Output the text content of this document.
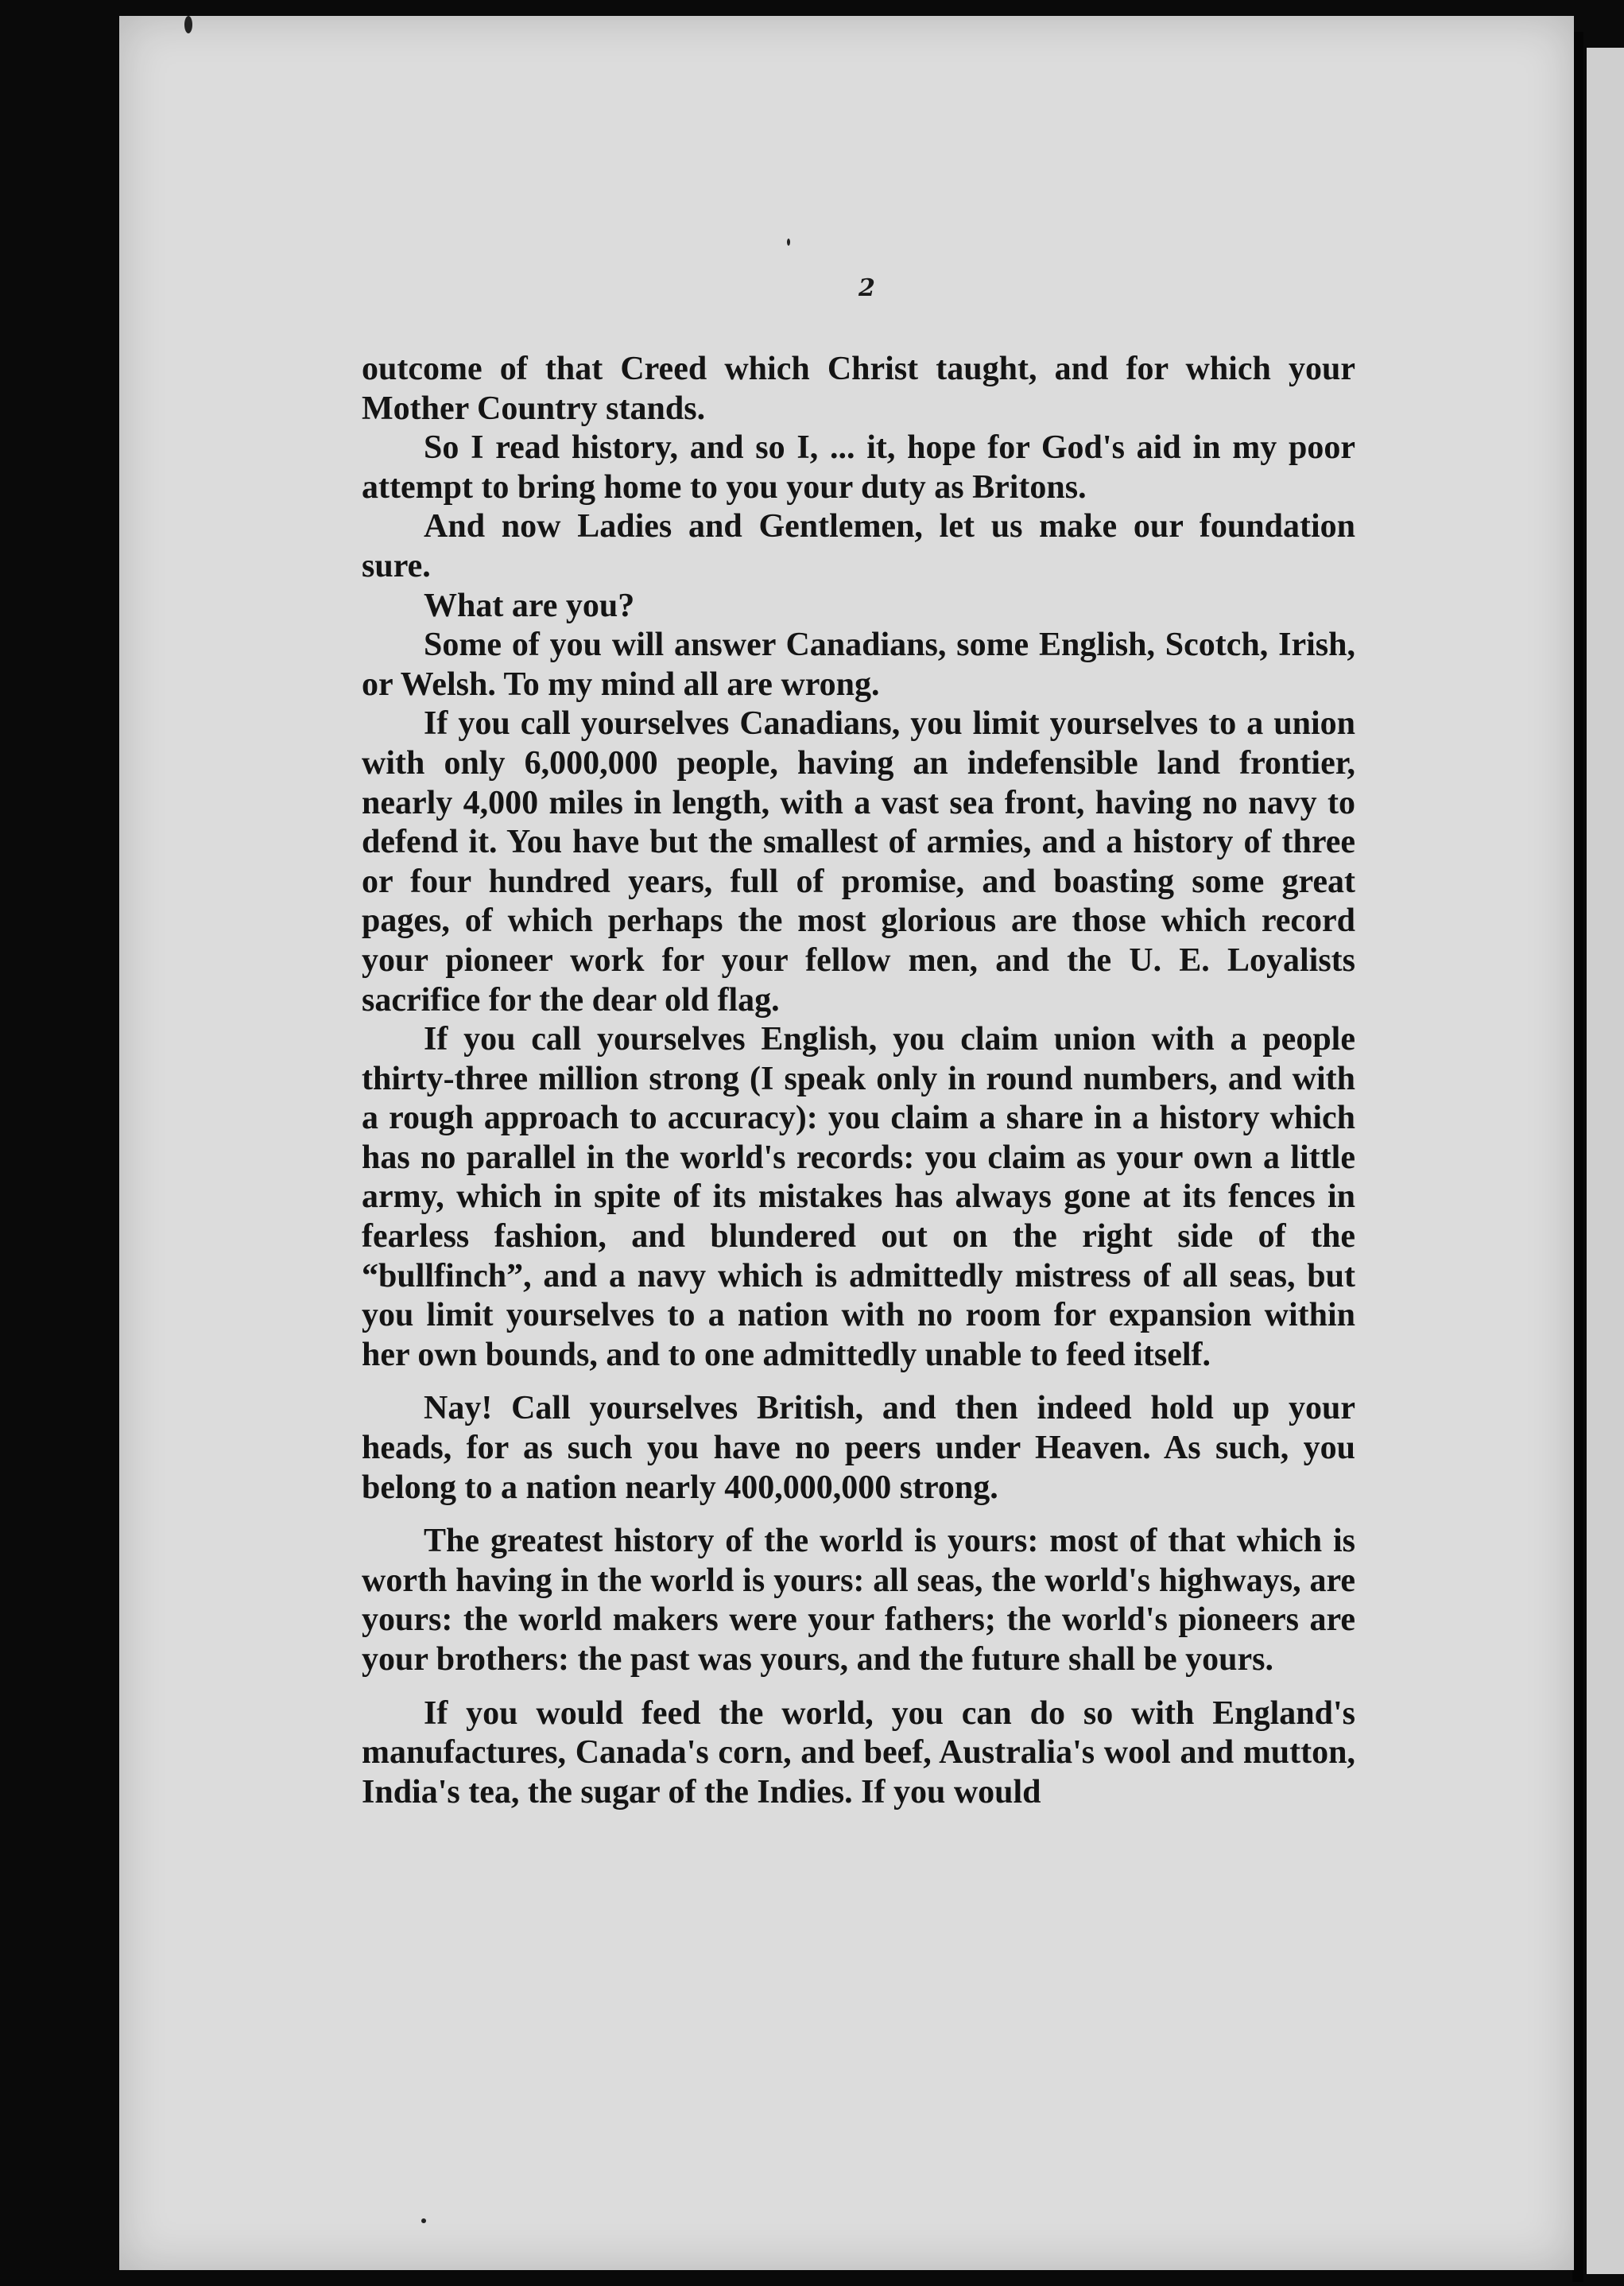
2

outcome of that Creed which Christ taught, and for which your Mother Country stands.

So I read history, and so I, ... it, hope for God's aid in my poor attempt to bring home to you your duty as Britons.

And now Ladies and Gentlemen, let us make our foundation sure.

What are you?

Some of you will answer Canadians, some English, Scotch, Irish, or Welsh. To my mind all are wrong.

If you call yourselves Canadians, you limit yourselves to a union with only 6,000,000 people, having an indefensible land frontier, nearly 4,000 miles in length, with a vast sea front, having no navy to defend it. You have but the smallest of armies, and a history of three or four hundred years, full of promise, and boasting some great pages, of which perhaps the most glorious are those which record your pioneer work for your fellow men, and the U. E. Loyalists sacrifice for the dear old flag.

If you call yourselves English, you claim union with a people thirty-three million strong (I speak only in round numbers, and with a rough approach to accuracy): you claim a share in a history which has no parallel in the world's records: you claim as your own a little army, which in spite of its mistakes has always gone at its fences in fearless fashion, and blundered out on the right side of the “bullfinch”, and a navy which is admittedly mistress of all seas, but you limit yourselves to a nation with no room for expansion within her own bounds, and to one admittedly unable to feed itself.

Nay! Call yourselves British, and then indeed hold up your heads, for as such you have no peers under Heaven. As such, you belong to a nation nearly 400,000,000 strong.

The greatest history of the world is yours: most of that which is worth having in the world is yours: all seas, the world's highways, are yours: the world makers were your fathers; the world's pioneers are your brothers: the past was yours, and the future shall be yours.

If you would feed the world, you can do so with England's manufactures, Canada's corn, and beef, Australia's wool and mutton, India's tea, the sugar of the Indies. If you would
